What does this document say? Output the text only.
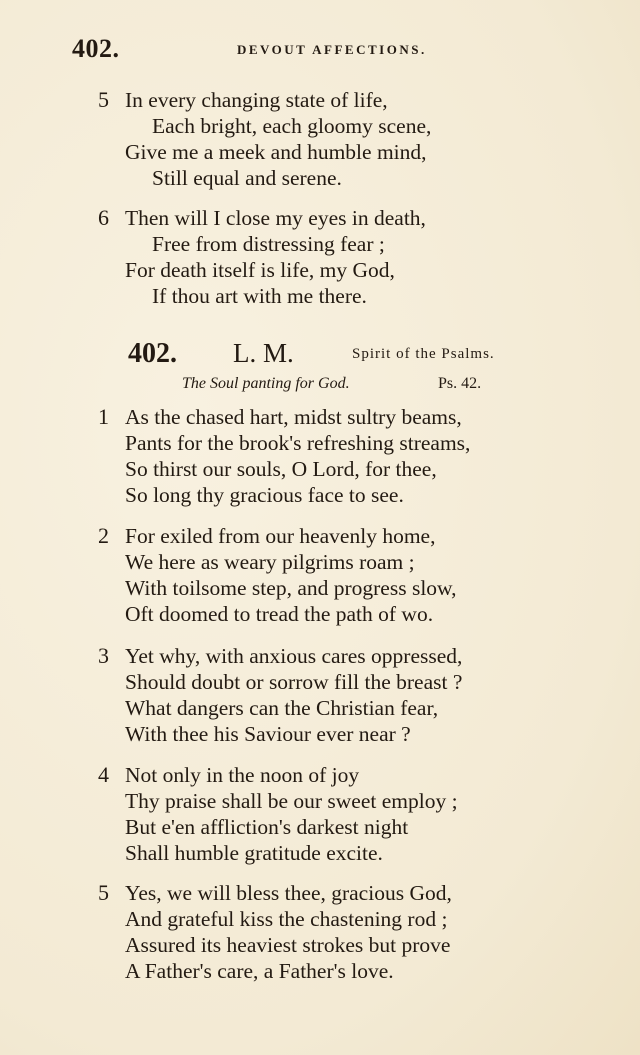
402.	DEVOUT AFFECTIONS.
5 In every changing state of life,
Each bright, each gloomy scene,
Give me a meek and humble mind,
Still equal and serene.
6 Then will I close my eyes in death,
Free from distressing fear ;
For death itself is life, my God,
If thou art with me there.
402. L. M.	Spirit of the Psalms.
The Soul panting for God.	Ps. 42.
1 As the chased hart, midst sultry beams,
Pants for the brook's refreshing streams,
So thirst our souls, O Lord, for thee,
So long thy gracious face to see.
2 For exiled from our heavenly home,
We here as weary pilgrims roam ;
With toilsome step, and progress slow,
Oft doomed to tread the path of wo.
3 Yet why, with anxious cares oppressed,
Should doubt or sorrow fill the breast ?
What dangers can the Christian fear,
With thee his Saviour ever near ?
4 Not only in the noon of joy
Thy praise shall be our sweet employ ;
But e'en affliction's darkest night
Shall humble gratitude excite.
5 Yes, we will bless thee, gracious God,
And grateful kiss the chastening rod ;
Assured its heaviest strokes but prove
A Father's care, a Father's love.
